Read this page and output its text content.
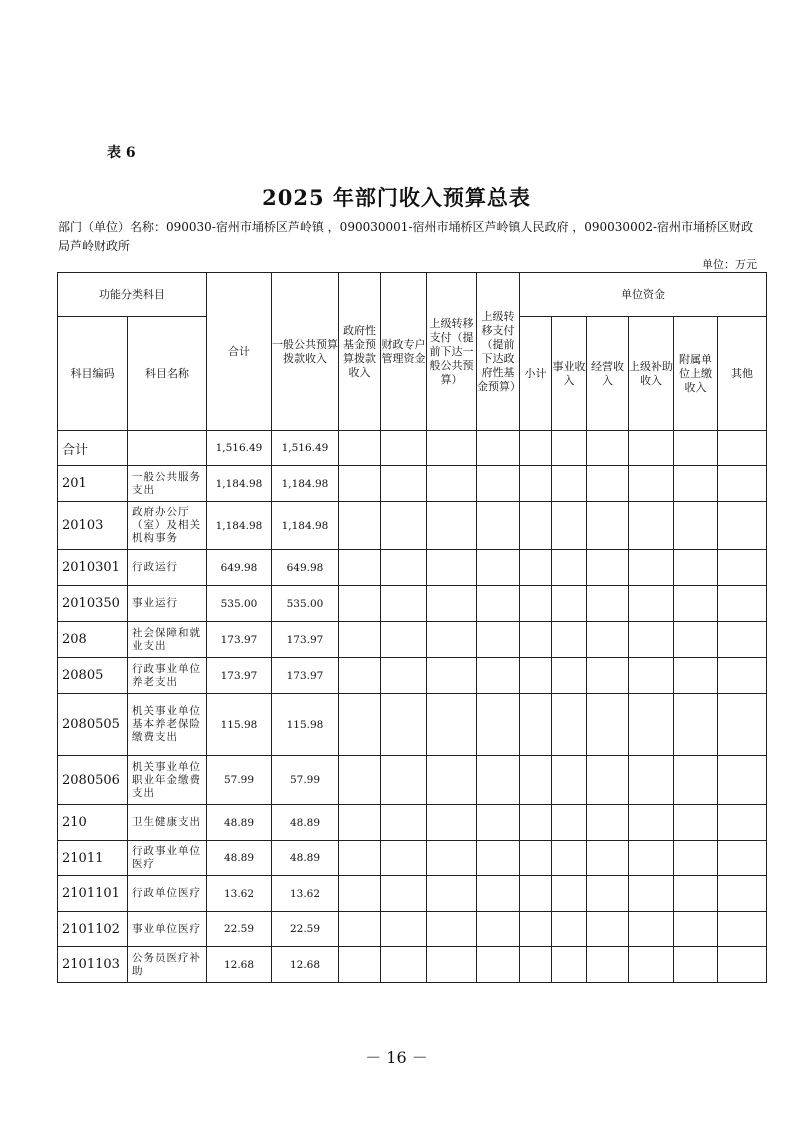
表 6
2025 年部门收入预算总表
部门（单位）名称：090030-宿州市埇桥区芦岭镇 ，090030001-宿州市埇桥区芦岭镇人民政府 ，090030002-宿州市埇桥区财政局芦岭财政所
单位：万元
功能分类科目		合计	一般公共预算拨款收入	政府性基金预算拨款收入	财政专户管理资金	上级转移支付（提前下达一般公共预算）	上级转移支付（提前下达政府性基金预算）	单位资金					
科目编码	科目名称							小计	事业收入	经营收入	上级补助收入	附属单位上缴收入	其他
合计		1,516.49	1,516.49										
201	一般公共服务支出	1,184.98	1,184.98										
20103	政府办公厅（室）及相关机构事务	1,184.98	1,184.98										
2010301	行政运行	649.98	649.98										
2010350	事业运行	535.00	535.00										
208	社会保障和就业支出	173.97	173.97										
20805	行政事业单位养老支出	173.97	173.97										
2080505	机关事业单位基本养老保险缴费支出	115.98	115.98										
2080506	机关事业单位职业年金缴费支出	57.99	57.99										
210	卫生健康支出	48.89	48.89										
21011	行政事业单位医疗	48.89	48.89										
2101101	行政单位医疗	13.62	13.62										
2101102	事业单位医疗	22.59	22.59										
2101103	公务员医疗补助	12.68	12.68										
－ 16 －
